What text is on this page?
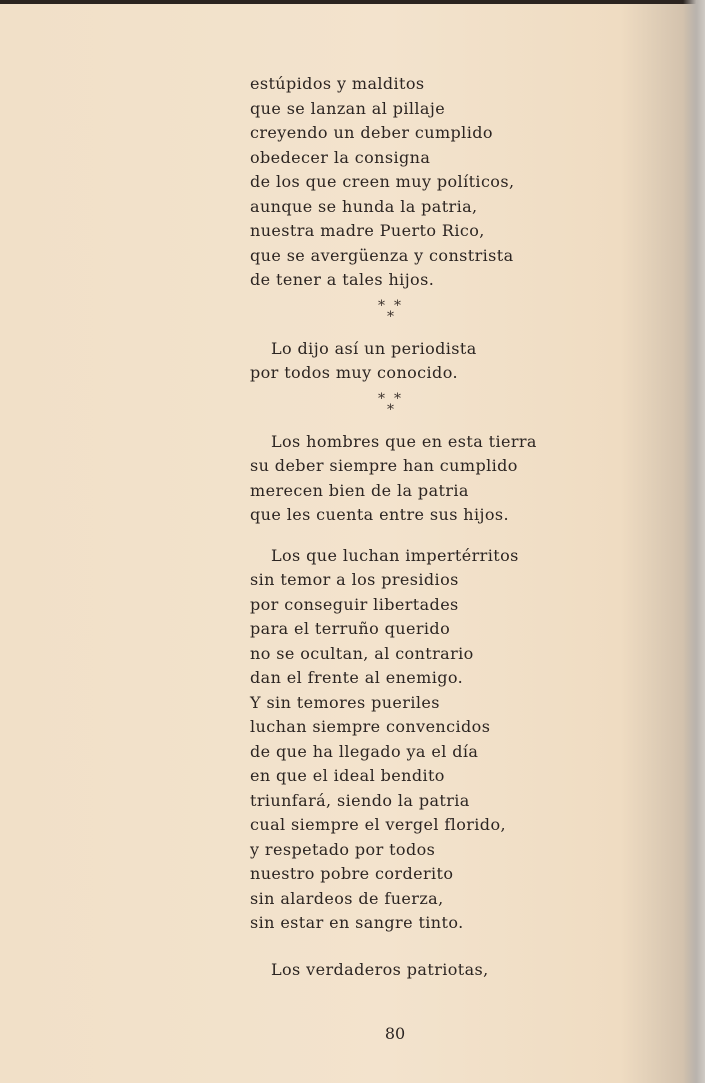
estúpidos y malditos
que se lanzan al pillaje
creyendo un deber cumplido
obedecer la consigna
de los que creen muy políticos,
aunque se hunda la patria,
nuestra madre Puerto Rico,
que se avergüenza y constrista
de tener a tales hijos.
* *
*
Lo dijo así un periodista
por todos muy conocido.
* *
*
Los hombres que en esta tierra
su deber siempre han cumplido
merecen bien de la patria
que les cuenta entre sus hijos.
Los que luchan impertérritos
sin temor a los presidios
por conseguir libertades
para el terruño querido
no se ocultan, al contrario
dan el frente al enemigo.
Y sin temores pueriles
luchan siempre convencidos
de que ha llegado ya el día
en que el ideal bendito
triunfará, siendo la patria
cual siempre el vergel florido,
y respetado por todos
nuestro pobre corderito
sin alardeos de fuerza,
sin estar en sangre tinto.
Los verdaderos patriotas,
80
